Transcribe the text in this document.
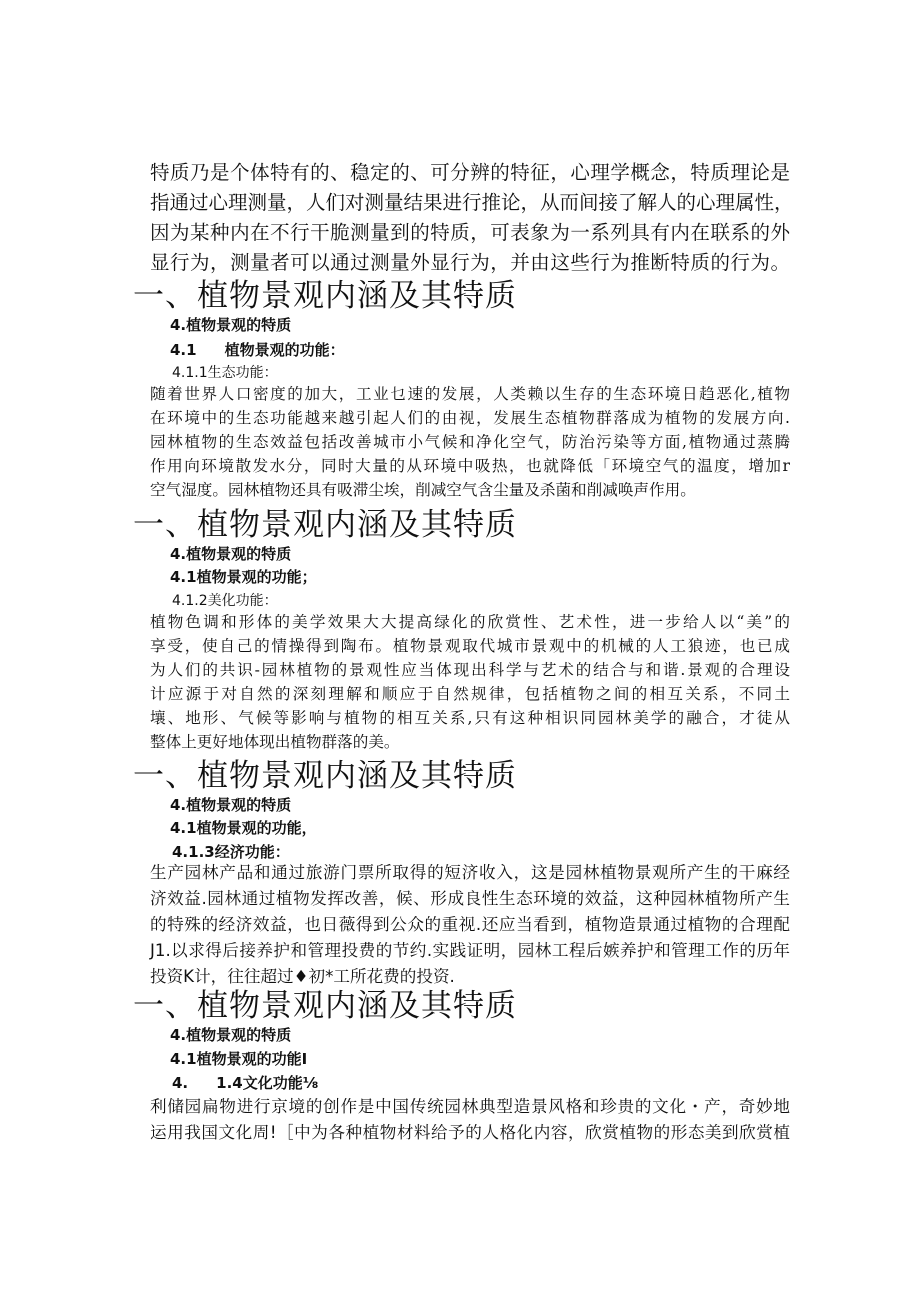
特质乃是个体特有的、稳定的、可分辨的特征，心理学概念，特质理论是
指通过心理测量，人们对测量结果进行推论，从而间接了解人的心理属性，
因为某种内在不行干脆测量到的特质，可表象为一系列具有内在联系的外
显行为，测量者可以通过测量外显行为，并由这些行为推断特质的行为。
一、植物景观内涵及其特质
4.植物景观的特质
4.1 植物景观的功能：
4.1.1生态功能：
随着世界人口密度的加大，工业乜速的发展，人类赖以生存的生态环境日趋恶化,植物
在环境中的生态功能越来越引起人们的由视，发展生态植物群落成为植物的发展方向.
园林植物的生态效益包括改善城市小气候和净化空气，防治污染等方面,植物通过蒸腾
作用向环境散发水分，同时大量的从环境中吸热，也就降低「环境空气的温度，增加r
空气湿度。园林植物还具有吸滞尘埃，削减空气含尘量及杀菌和削减唤声作用。
一、植物景观内涵及其特质
4.植物景观的特质
4.1植物景观的功能；
4.1.2美化功能：
植物色调和形体的美学效果大大提高绿化的欣赏性、艺术性，进一步给人以“美”的
享受，使自己的情操得到陶布。植物景观取代城市景观中的机械的人工狼迹，也已成
为人们的共识-园林植物的景观性应当体现出科学与艺术的结合与和谐.景观的合理设
计应源于对自然的深刻理解和顺应于自然规律，包括植物之间的相互关系，不同土
壤、地形、气候等影响与植物的相互关系,只有这种相识同园林美学的融合，才徒从
整体上更好地体现出植物群落的美。
一、植物景观内涵及其特质
4.植物景观的特质
4.1植物景观的功能，
4.1.3经济功能：
生产园林产品和通过旅游门票所取得的短济收入，这是园林植物景观所产生的干麻经
济效益.园林通过植物发挥改善，候、形成良性生态环境的效益，这种园林植物所产生
的特殊的经济效益，也日薇得到公众的重视.还应当看到，植物造景通过植物的合理配
J1.以求得后接养护和管理投费的节约.实践证明，园林工程后嫉养护和管理工作的历年
投资K计，往往超过♦初*工所花费的投资.
一、植物景观内涵及其特质
4.植物景观的特质
4.1植物景观的功能I
4. 1.4文化功能⅛
利储园扁物进行京境的创作是中国传统园林典型造景风格和珍贵的文化・产，奇妙地
运用我国文化周!［中为各种植物材料给予的人格化内容，欣赏植物的形态美到欣赏植
